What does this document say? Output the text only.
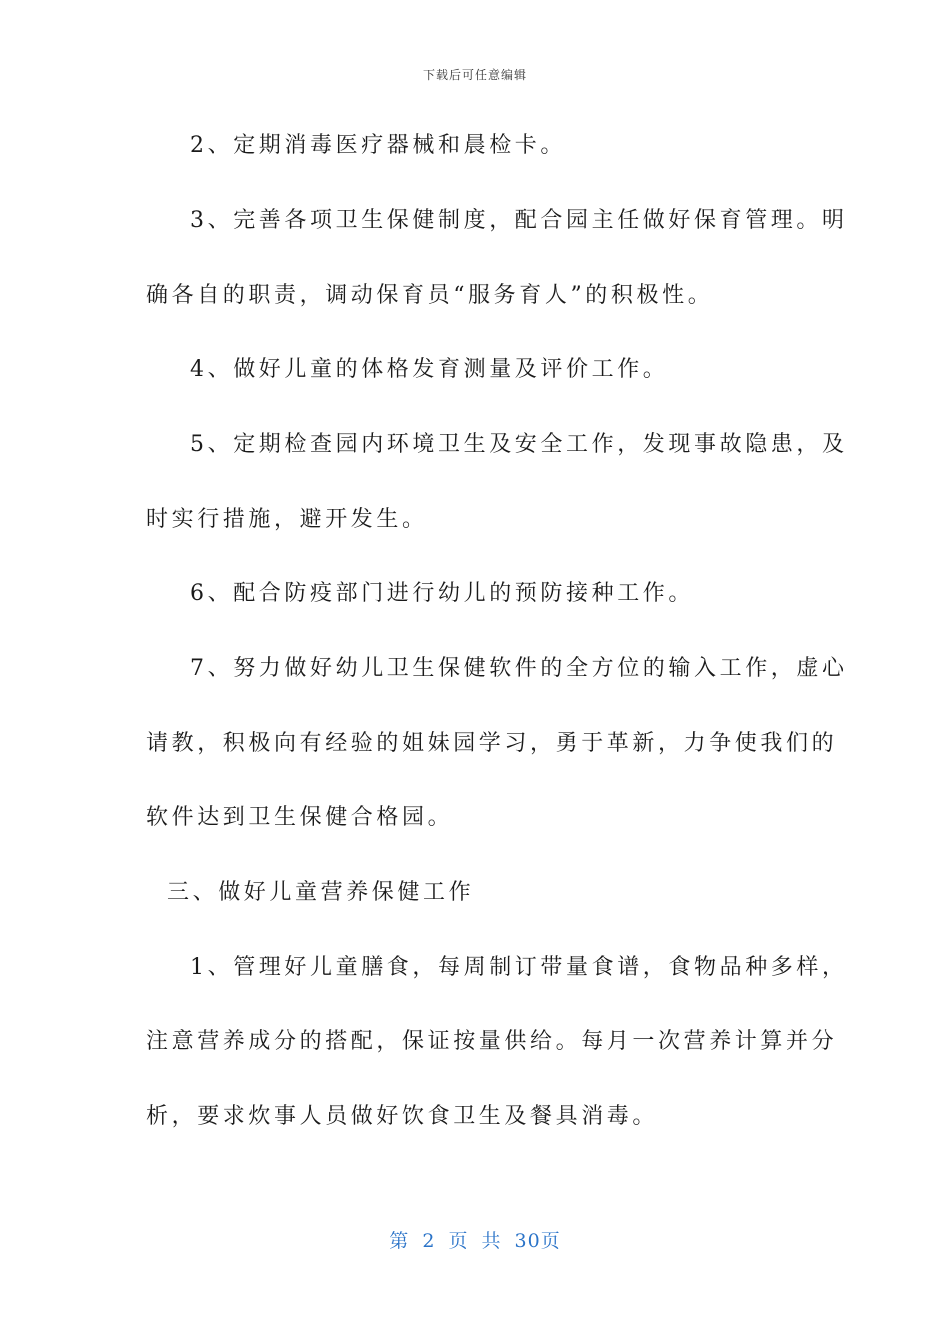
下载后可任意编辑
2、定期消毒医疗器械和晨检卡。
3、完善各项卫生保健制度，配合园主任做好保育管理。明
确各自的职责，调动保育员“服务育人”的积极性。
4、做好儿童的体格发育测量及评价工作。
5、定期检查园内环境卫生及安全工作，发现事故隐患，及
时实行措施，避开发生。
6、配合防疫部门进行幼儿的预防接种工作。
7、努力做好幼儿卫生保健软件的全方位的输入工作，虚心
请教，积极向有经验的姐妹园学习，勇于革新，力争使我们的
软件达到卫生保健合格园。
三、做好儿童营养保健工作
1、管理好儿童膳食，每周制订带量食谱，食物品种多样，
注意营养成分的搭配，保证按量供给。每月一次营养计算并分
析，要求炊事人员做好饮食卫生及餐具消毒。
第 2 页 共 30页
